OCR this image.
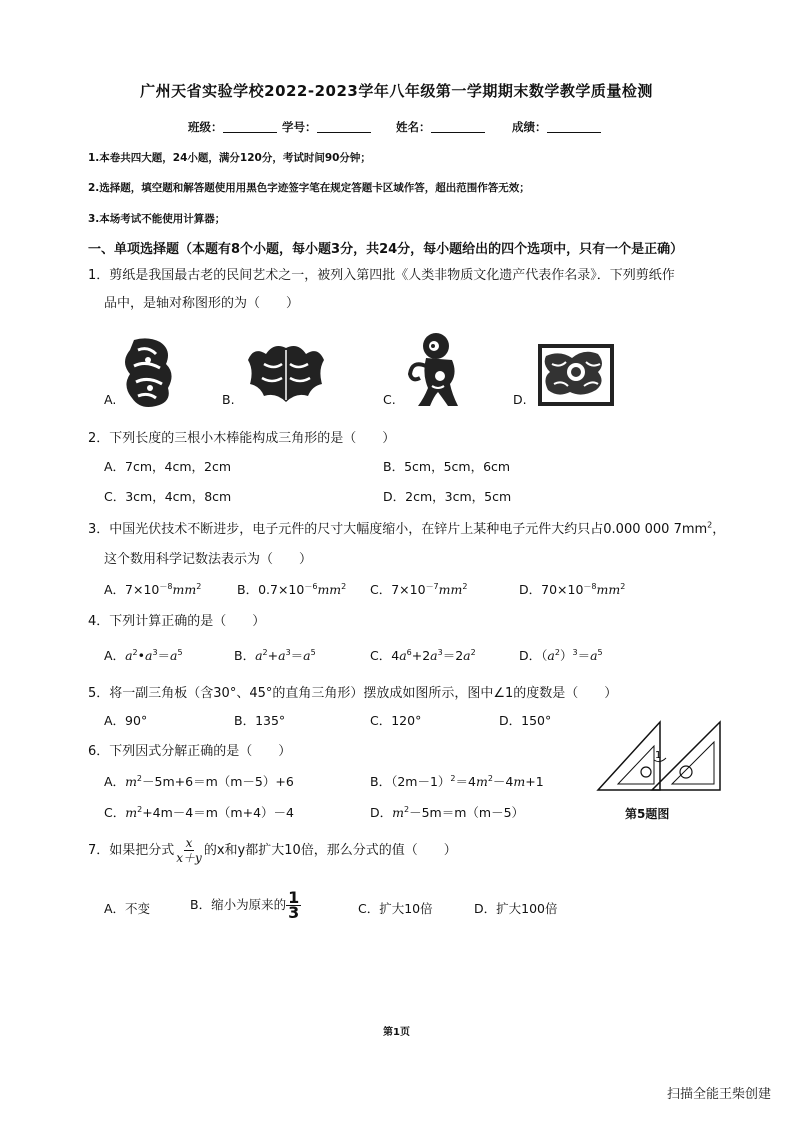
广州天省实验学校2022-2023学年八年级第一学期期末数学教学质量检测
班级：	学号：	姓名：	成绩：
1.本卷共四大题，24小题，满分120分，考试时间90分钟；
2.选择题，填空题和解答题使用用黑色字迹签字笔在规定答题卡区域作答，超出范围作答无效；
3.本场考试不能使用计算器；
一、单项选择题（本题有8个小题，每小题3分，共24分，每小题给出的四个选项中，只有一个是正确）
1．剪纸是我国最古老的民间艺术之一，被列入第四批《人类非物质文化遗产代表作名录》．下列剪纸作
品中，是轴对称图形的为（　　）
A.	B.	C.	D.
2．下列长度的三根小木棒能构成三角形的是（　　）
A．7cm，4cm，2cm	B．5cm，5cm，6cm
C．3cm，4cm，8cm	D．2cm，3cm，5cm
3．中国光伏技术不断进步，电子元件的尺寸大幅度缩小，在锌片上某种电子元件大约只占0.000 000 $7mm^2$，
这个数用科学记数法表示为（　　）
A．$7\times 10^{-8}mm^2$	B．$0.7\times 10^{-6}mm^2$ C．$7\times 10^{-7}mm^2$	D．$70\times 10^{-8}mm^2$
4．下列计算正确的是（　　）
A．$a^2•a^3=a^5$	B．$a^2+a^3=a^5$	C．$4a^6+2a^3=2a^2$	D．$(a^2)^3=a^5$
5．将一副三角板（含30°、45°的直角三角形）摆放成如图所示，图中∠1的度数是（　　）
A．90°	B．135°	C．120°	D．150°
1
第5题图
6．下列因式分解正确的是（　　）
A．$m^2-5m+6=m(m-5)+6$	B．$(2m-1)^2=4m^2-4m+1$
C．$m^2+4m-4=m(m+4)-4$	D．$m^2-5m=m(m-5)$
7．如果把分式 $\frac{x}{x+y}$ 的x和y都扩大10倍，那么分式的值（　　）
A．不变	B．缩小为原来的 $\frac{1}{3}$	C．扩大10倍	D．扩大100倍
第1页
扫描全能王柴创建
